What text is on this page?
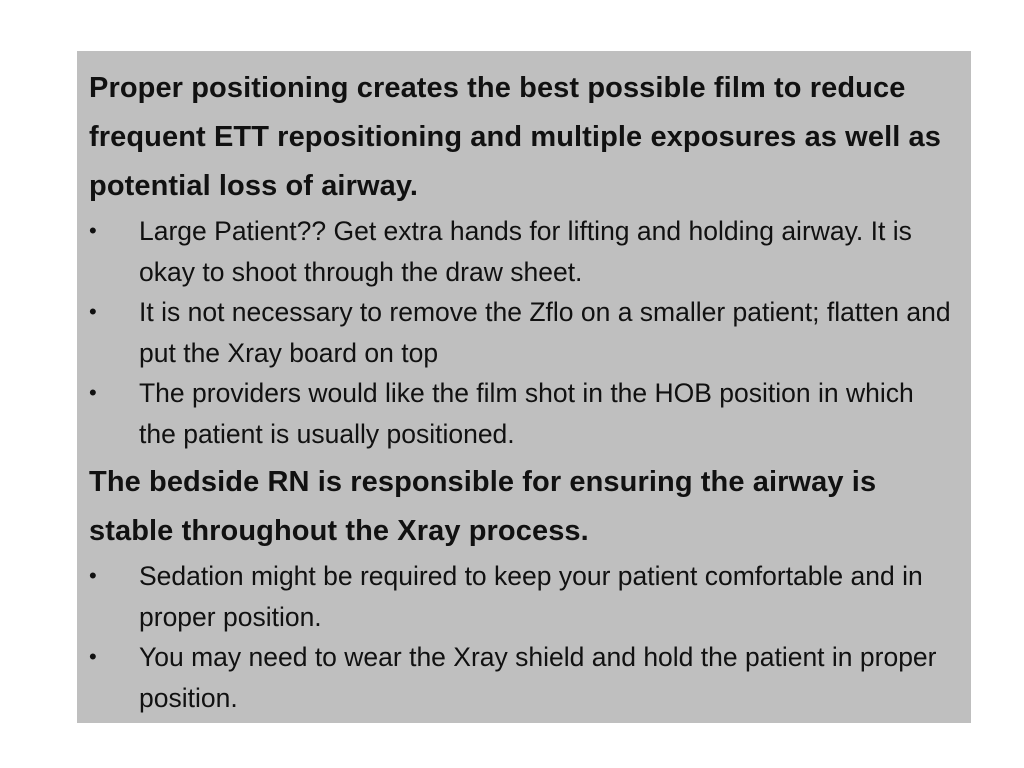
Proper positioning creates the best possible film to reduce frequent ETT repositioning and multiple exposures as well as potential loss of airway.

•	Large Patient?? Get extra hands for lifting and holding airway. It is okay to shoot through the draw sheet.
•	It is not necessary to remove the Zflo on a smaller patient; flatten and put the Xray board on top
•	The providers would like the film shot in the HOB position in which the patient is usually positioned.

The bedside RN is responsible for ensuring the airway is stable throughout the Xray process.

•	Sedation might be required to keep your patient comfortable and in proper position.
•	You may need to wear the Xray shield and hold the patient in proper position.
